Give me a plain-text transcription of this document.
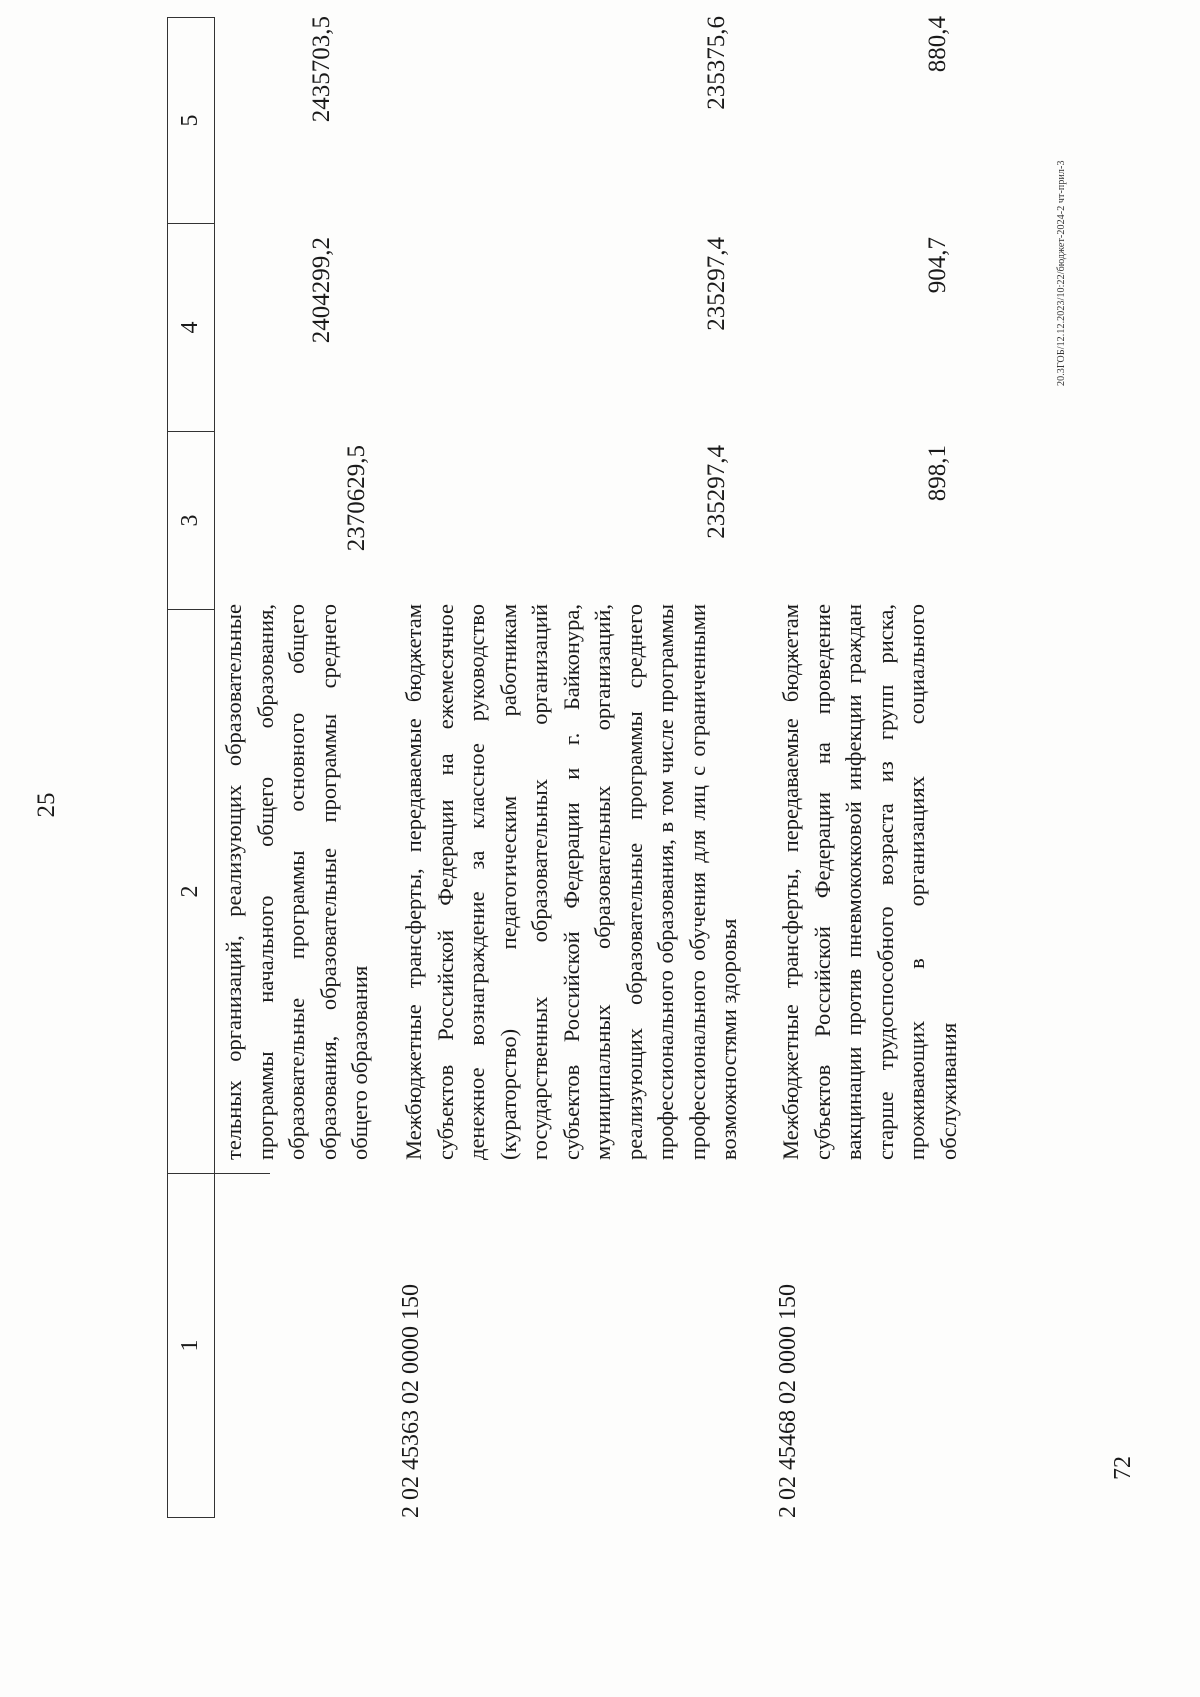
25
1
2
3
4
5
тельных организаций, реализующих образовательные программы начального общего образования, образовательные программы основного общего образования, образовательные программы среднего общего образования
2370629,5
2404299,2
2435703,5
2 02 45363 02 0000 150
Межбюджетные трансферты, передаваемые бюджетам субъектов Российской Федерации на ежемесячное денежное вознаграждение за классное руководство (кураторство) педагогическим работникам государственных образовательных организаций субъектов Российской Федерации и г. Байконура, муниципальных образовательных организаций, реализующих образовательные программы среднего профессионального образования, в том числе программы профессионального обучения для лиц с ограниченными возможностями здоровья
235297,4
235297,4
235375,6
2 02 45468 02 0000 150
Межбюджетные трансферты, передаваемые бюджетам субъектов Российской Федерации на проведение вакцинации против пневмококковой инфекции граждан старше трудоспособного возраста из групп риска, проживающих в организациях социального обслуживания
898,1
904,7
880,4
20.3ГОБ/12.12.2023/10:22/бюджет-2024-2 чт-прил-3
72
